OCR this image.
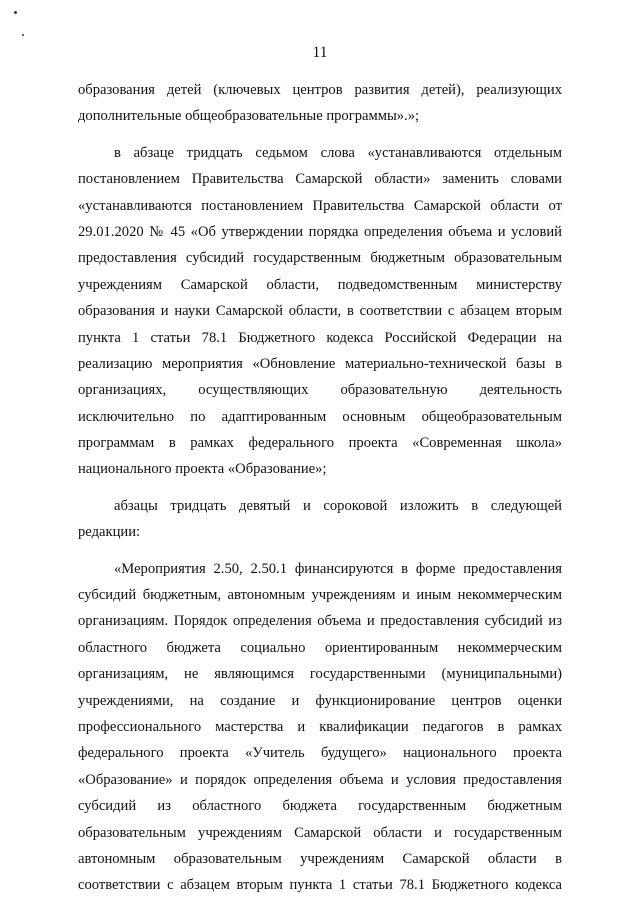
11
образования детей (ключевых центров развития детей), реализующих
дополнительные общеобразовательные программы».»;
в абзаце тридцать седьмом слова «устанавливаются отдельным
постановлением Правительства Самарской области» заменить словами
«устанавливаются постановлением Правительства Самарской области от
29.01.2020 № 45 «Об утверждении порядка определения объема и условий
предоставления субсидий государственным бюджетным образовательным
учреждениям Самарской области, подведомственным министерству
образования и науки Самарской области, в соответствии с абзацем вторым
пункта 1 статьи 78.1 Бюджетного кодекса Российской Федерации на
реализацию мероприятия «Обновление материально-технической базы в
организациях, осуществляющих образовательную деятельность
исключительно по адаптированным основным общеобразовательным
программам в рамках федерального проекта «Современная школа»
национального проекта «Образование»;
абзацы тридцать девятый и сороковой изложить в следующей
редакции:
«Мероприятия 2.50, 2.50.1 финансируются в форме предоставления
субсидий бюджетным, автономным учреждениям и иным некоммерческим
организациям. Порядок определения объема и предоставления субсидий из
областного бюджета социально ориентированным некоммерческим
организациям, не являющимся государственными (муниципальными)
учреждениями, на создание и функционирование центров оценки
профессионального мастерства и квалификации педагогов в рамках
федерального проекта «Учитель будущего» национального проекта
«Образование» и порядок определения объема и условия предоставления
субсидий из областного бюджета государственным бюджетным
образовательным учреждениям Самарской области и государственным
автономным образовательным учреждениям Самарской области в
соответствии с абзацем вторым пункта 1 статьи 78.1 Бюджетного кодекса
